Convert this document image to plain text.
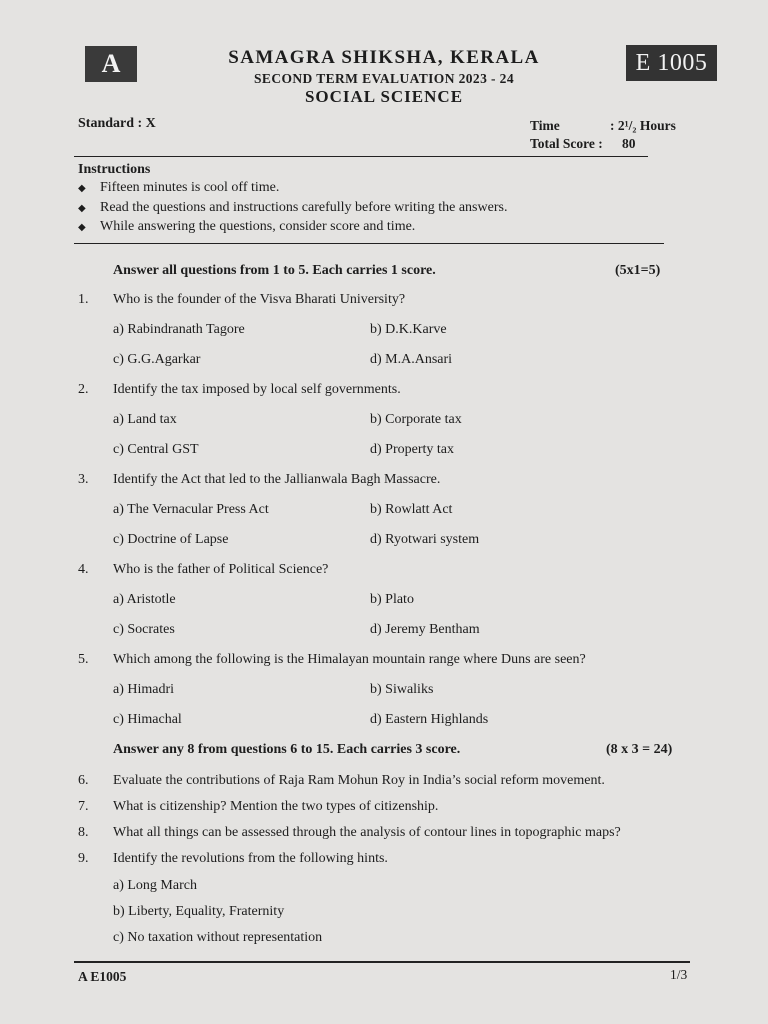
A	E 1005
SAMAGRA SHIKSHA, KERALA
SECOND TERM EVALUATION 2023 - 24
SOCIAL SCIENCE
Standard : X	Time	: 2¹/₂ Hours
Total Score : 80
Instructions
◆	Fifteen minutes is cool off time.
◆	Read the questions and instructions carefully before writing the answers.
◆	While answering the questions, consider score and time.
Answer all questions from 1 to 5. Each carries 1 score.	(5x1=5)
1. Who is the founder of the Visva Bharati University?
a) Rabindranath Tagore	b) D.K.Karve
c) G.G.Agarkar	d) M.A.Ansari
2. Identify the tax imposed by local self governments.
a) Land tax	b) Corporate tax
c) Central GST	d) Property tax
3. Identify the Act that led to the Jallianwala Bagh Massacre.
a) The Vernacular Press Act	b) Rowlatt Act
c) Doctrine of Lapse	d) Ryotwari system
4. Who is the father of Political Science?
a) Aristotle	b) Plato
c) Socrates	d) Jeremy Bentham
5. Which among the following is the Himalayan mountain range where Duns are seen?
a) Himadri	b) Siwaliks
c) Himachal	d) Eastern Highlands
Answer any 8 from questions 6 to 15. Each carries 3 score.	(8 x 3 = 24)
6. Evaluate the contributions of Raja Ram Mohun Roy in India’s social reform movement.
7. What is citizenship? Mention the two types of citizenship.
8. What all things can be assessed through the analysis of contour lines in topographic maps?
9. Identify the revolutions from the following hints.
a) Long March
b) Liberty, Equality, Fraternity
c) No taxation without representation
A E1005	1/3
